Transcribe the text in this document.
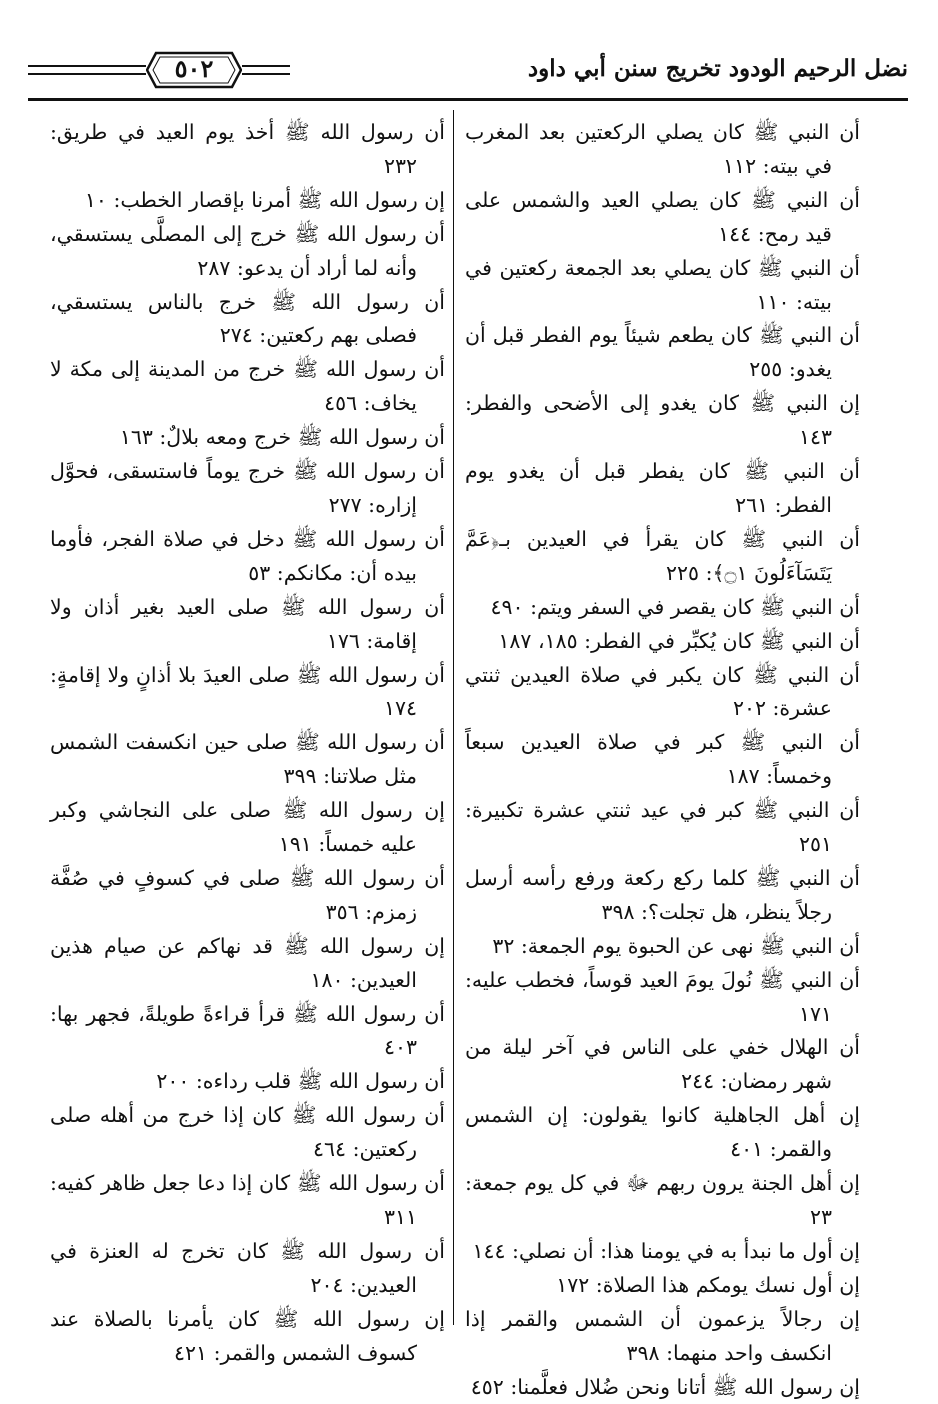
نضل الرحيم الودود تخريج سنن أبي داود
٥٠٢
أن النبي ﷺ كان يصلي الركعتين بعد المغرب في بيته: ١١٢
أن النبي ﷺ كان يصلي العيد والشمس على قيد رمح: ١٤٤
أن النبي ﷺ كان يصلي بعد الجمعة ركعتين في بيته: ١١٠
أن النبي ﷺ كان يطعم شيئاً يوم الفطر قبل أن يغدو: ٢٥٥
إن النبي ﷺ كان يغدو إلى الأضحى والفطر: ١٤٣
أن النبي ﷺ كان يفطر قبل أن يغدو يوم الفطر: ٢٦١
أن النبي ﷺ كان يقرأ في العيدين بـ﴿عَمَّ يَتَسَآءَلُونَ ۝١﴾: ٢٢٥
أن النبي ﷺ كان يقصر في السفر ويتم: ٤٩٠
أن النبي ﷺ كان يُكبِّر في الفطر: ١٨٥، ١٨٧
أن النبي ﷺ كان يكبر في صلاة العيدين ثنتي عشرة: ٢٠٢
أن النبي ﷺ كبر في صلاة العيدين سبعاً وخمساً: ١٨٧
أن النبي ﷺ كبر في عيد ثنتي عشرة تكبيرة: ٢٥١
أن النبي ﷺ كلما ركع ركعة ورفع رأسه أرسل رجلاً ينظر، هل تجلت؟: ٣٩٨
أن النبي ﷺ نهى عن الحبوة يوم الجمعة: ٣٢
أن النبي ﷺ نُولَ يومَ العيد قوساً، فخطب عليه: ١٧١
أن الهلال خفي على الناس في آخر ليلة من شهر رمضان: ٢٤٤
إن أهل الجاهلية كانوا يقولون: إن الشمس والقمر: ٤٠١
إن أهل الجنة يرون ربهم ﷻ في كل يوم جمعة: ٢٣
إن أول ما نبدأ به في يومنا هذا: أن نصلي: ١٤٤
إن أول نسك يومكم هذا الصلاة: ١٧٢
إن رجالاً يزعمون أن الشمس والقمر إذا انكسف واحد منهما: ٣٩٨
إن رسول الله ﷺ أتانا ونحن ضُلال فعلَّمنا: ٤٥٢
أن رسول الله ﷺ أخذ يوم العيد في طريق: ٢٣٢
إن رسول الله ﷺ أمرنا بإقصار الخطب: ١٠
أن رسول الله ﷺ خرج إلى المصلَّى يستسقي، وأنه لما أراد أن يدعو: ٢٨٧
أن رسول الله ﷺ خرج بالناس يستسقي، فصلى بهم ركعتين: ٢٧٤
أن رسول الله ﷺ خرج من المدينة إلى مكة لا يخاف: ٤٥٦
أن رسول الله ﷺ خرج ومعه بلالٌ: ١٦٣
أن رسول الله ﷺ خرج يوماً فاستسقى، فحوَّل إزاره: ٢٧٧
أن رسول الله ﷺ دخل في صلاة الفجر، فأوما بيده أن: مكانكم: ٥٣
أن رسول الله ﷺ صلى العيد بغير أذان ولا إقامة: ١٧٦
أن رسول الله ﷺ صلى العيدَ بلا أذانٍ ولا إقامةٍ: ١٧٤
أن رسول الله ﷺ صلى حين انكسفت الشمس مثل صلاتنا: ٣٩٩
إن رسول الله ﷺ صلى على النجاشي وكبر عليه خمساً: ١٩١
أن رسول الله ﷺ صلى في كسوفٍ في صُفَّة زمزم: ٣٥٦
إن رسول الله ﷺ قد نهاكم عن صيام هذين العيدين: ١٨٠
أن رسول الله ﷺ قرأ قراءةً طويلةً، فجهر بها: ٤٠٣
أن رسول الله ﷺ قلب رداءه: ٢٠٠
أن رسول الله ﷺ كان إذا خرج من أهله صلى ركعتين: ٤٦٤
أن رسول الله ﷺ كان إذا دعا جعل ظاهر كفيه: ٣١١
أن رسول الله ﷺ كان تخرج له العنزة في العيدين: ٢٠٤
إن رسول الله ﷺ كان يأمرنا بالصلاة عند كسوف الشمس والقمر: ٤٢١
